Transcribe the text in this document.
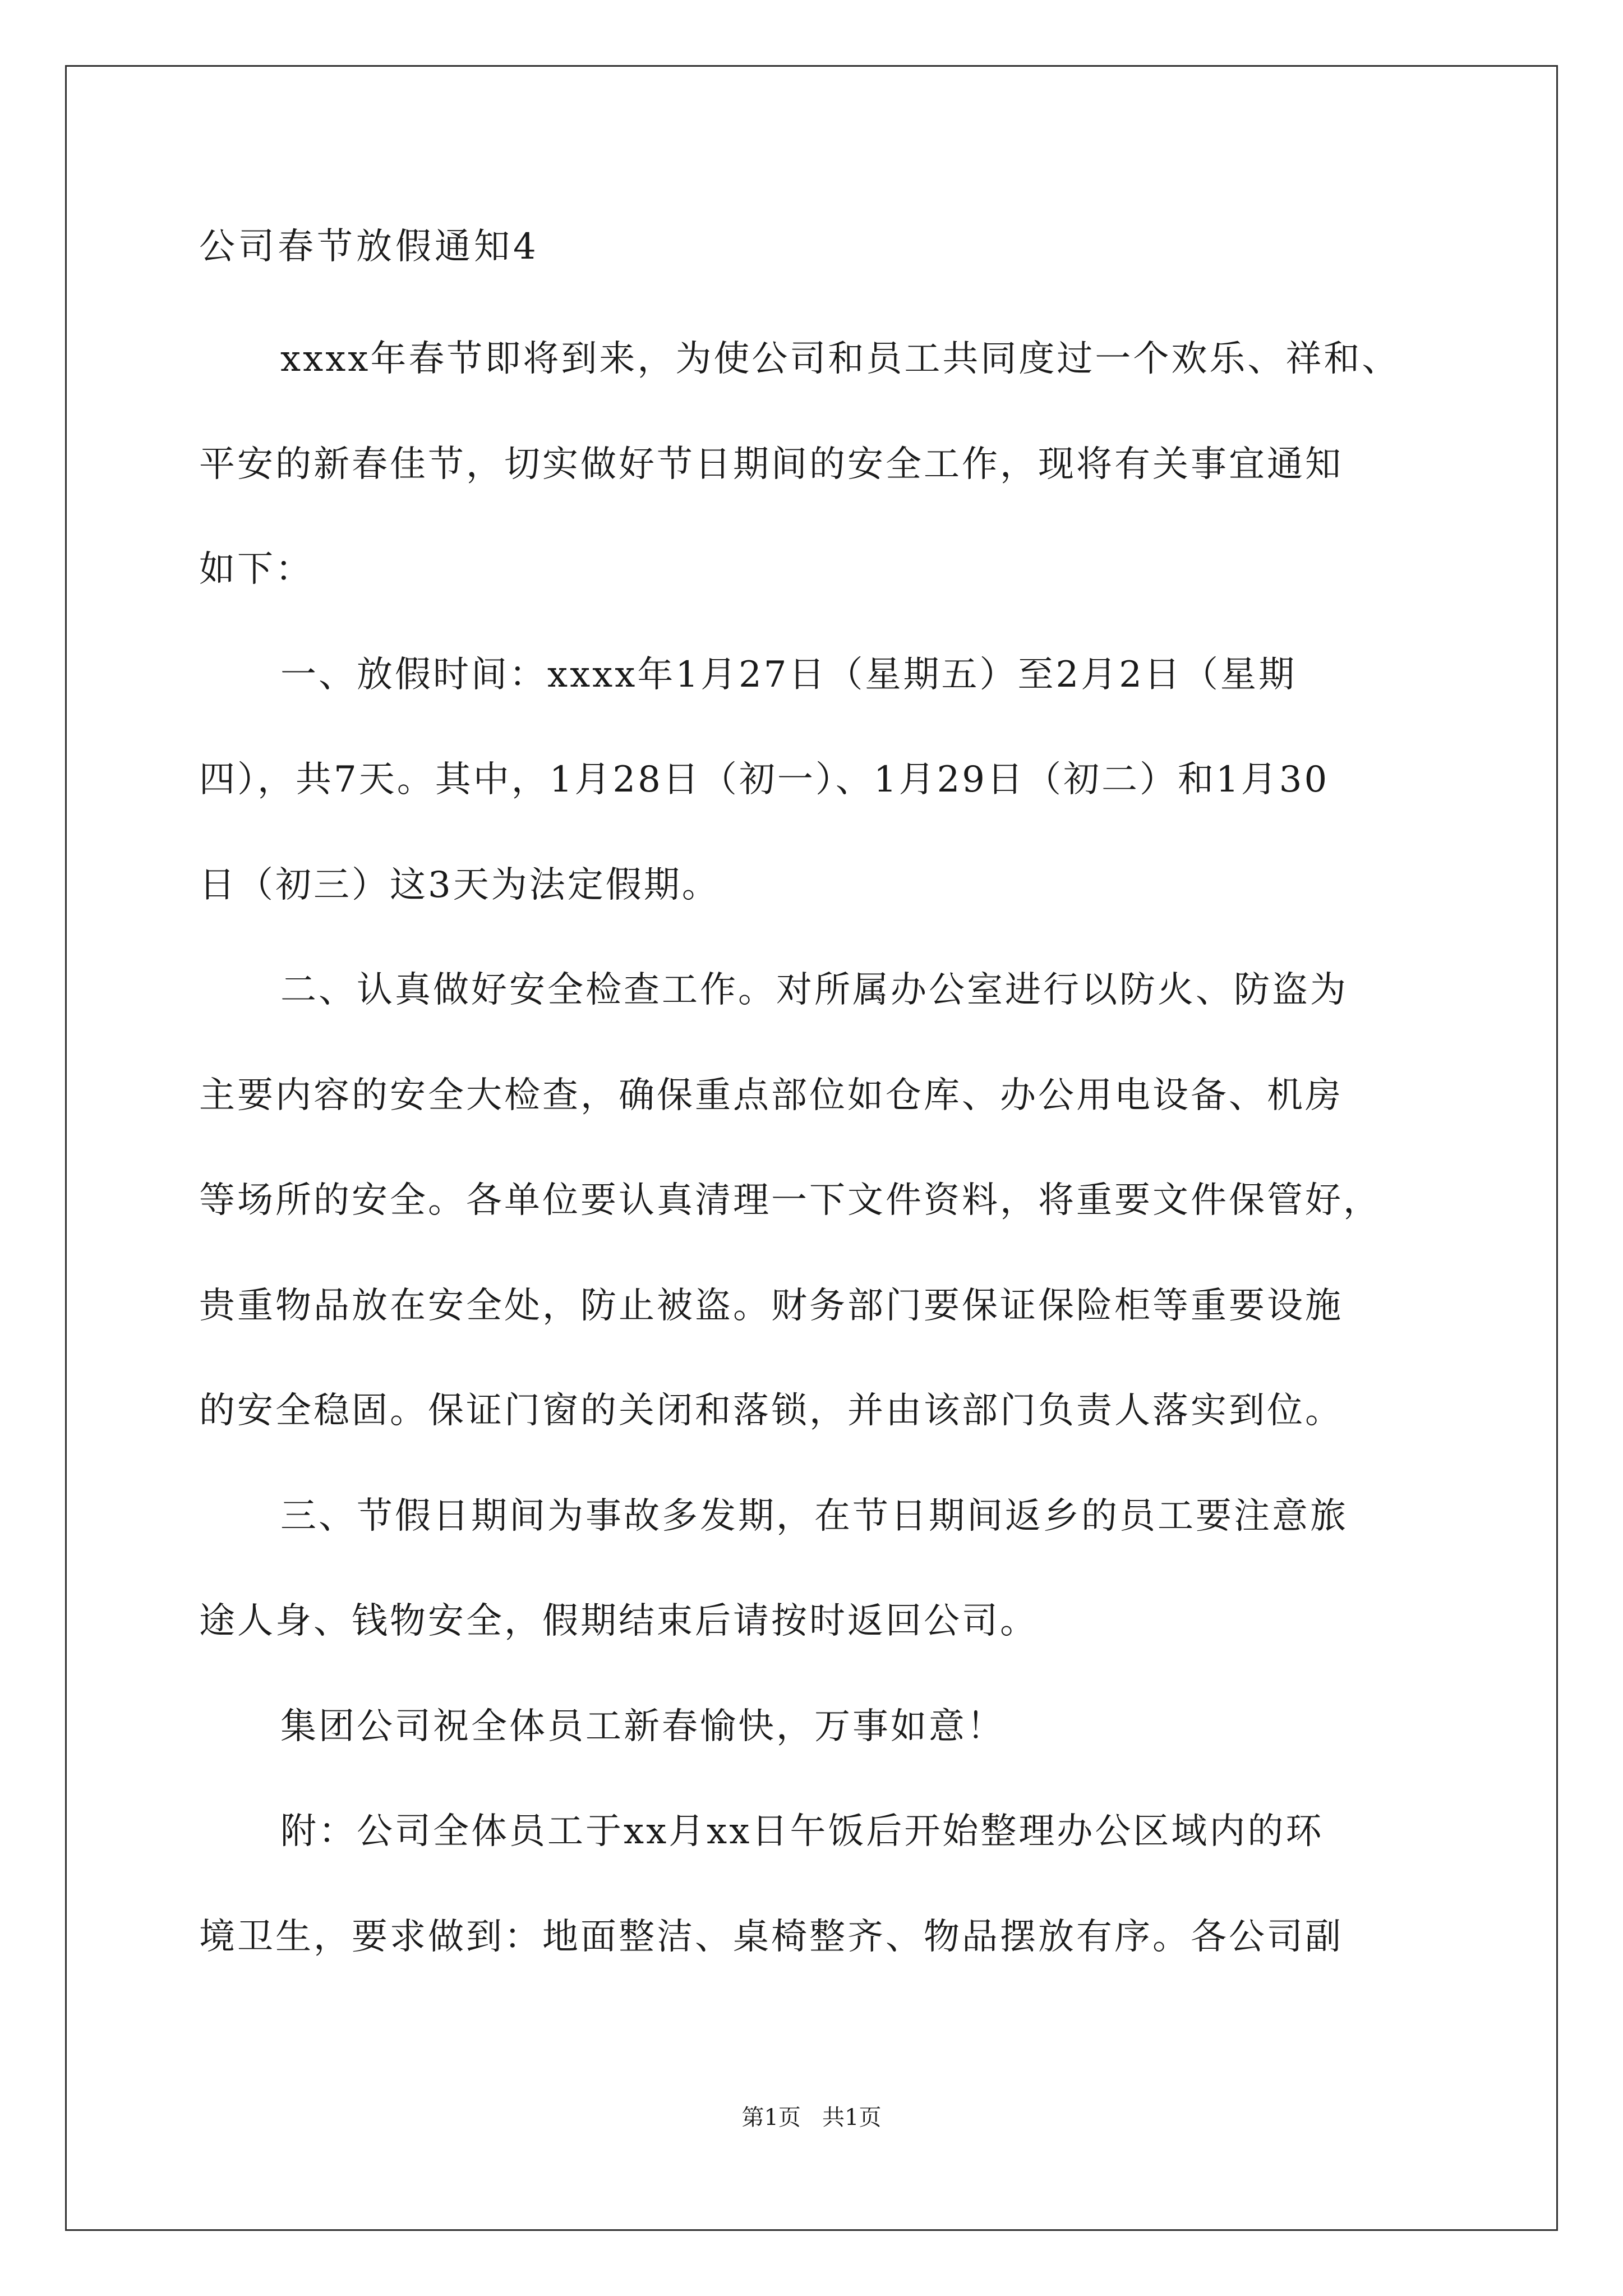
公司春节放假通知4
xxxx年春节即将到来，为使公司和员工共同度过一个欢乐、祥和、
平安的新春佳节，切实做好节日期间的安全工作，现将有关事宜通知
如下：
一、放假时间：xxxx年1月27日（星期五）至2月2日（星期
四），共7天。其中，1月28日（初一）、1月29日（初二）和1月30
日（初三）这3天为法定假期。
二、认真做好安全检查工作。对所属办公室进行以防火、防盗为
主要内容的安全大检查，确保重点部位如仓库、办公用电设备、机房
等场所的安全。各单位要认真清理一下文件资料，将重要文件保管好，
贵重物品放在安全处，防止被盗。财务部门要保证保险柜等重要设施
的安全稳固。保证门窗的关闭和落锁，并由该部门负责人落实到位。
三、节假日期间为事故多发期，在节日期间返乡的员工要注意旅
途人身、钱物安全，假期结束后请按时返回公司。
集团公司祝全体员工新春愉快，万事如意！
附：公司全体员工于xx月xx日午饭后开始整理办公区域内的环
境卫生，要求做到：地面整洁、桌椅整齐、物品摆放有序。各公司副
第1页   共1页
